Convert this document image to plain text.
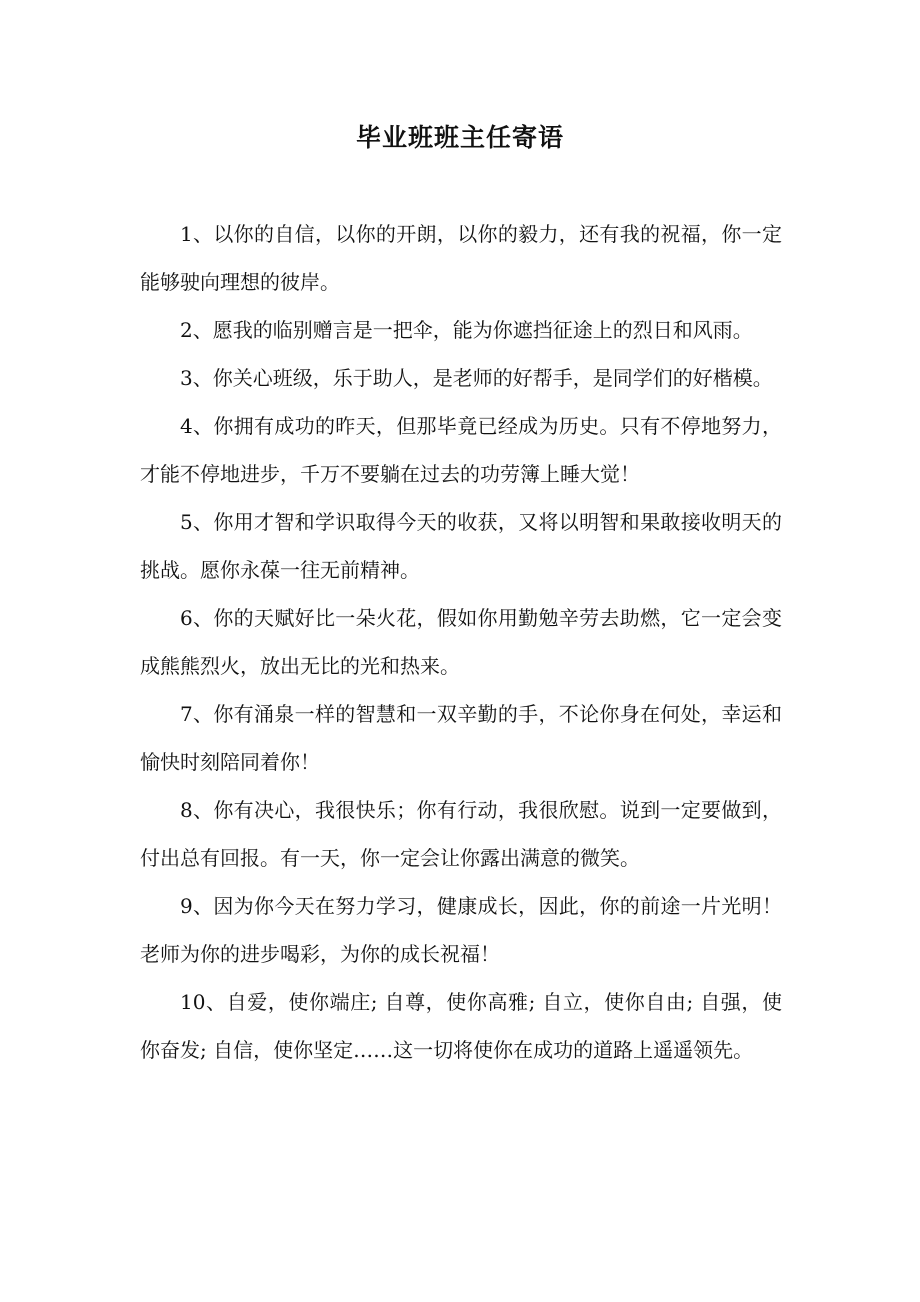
毕业班班主任寄语

1、以你的自信，以你的开朗，以你的毅力，还有我的祝福，你一定能够驶向理想的彼岸。

2、愿我的临别赠言是一把伞，能为你遮挡征途上的烈日和风雨。

3、你关心班级，乐于助人，是老师的好帮手，是同学们的好楷模。

4、你拥有成功的昨天，但那毕竟已经成为历史。只有不停地努力，才能不停地进步，千万不要躺在过去的功劳簿上睡大觉！

5、你用才智和学识取得今天的收获，又将以明智和果敢接收明天的挑战。愿你永葆一往无前精神。

6、你的天赋好比一朵火花，假如你用勤勉辛劳去助燃，它一定会变成熊熊烈火，放出无比的光和热来。

7、你有涌泉一样的智慧和一双辛勤的手，不论你身在何处，幸运和愉快时刻陪同着你！

8、你有决心，我很快乐；你有行动，我很欣慰。说到一定要做到，付出总有回报。有一天，你一定会让你露出满意的微笑。

9、因为你今天在努力学习，健康成长，因此，你的前途一片光明！老师为你的进步喝彩，为你的成长祝福！

10、自爱，使你端庄; 自尊，使你高雅; 自立，使你自由; 自强，使你奋发; 自信，使你坚定……这一切将使你在成功的道路上遥遥领先。
